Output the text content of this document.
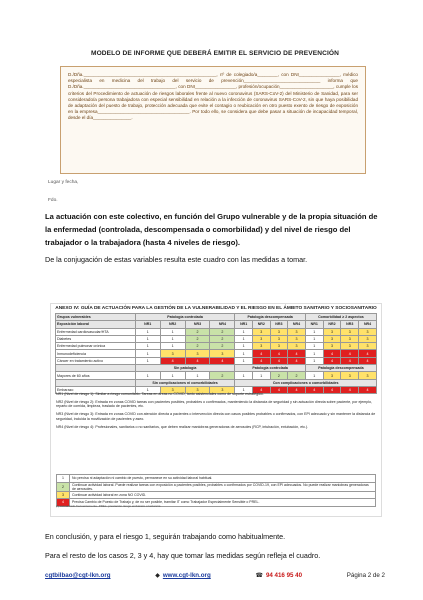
MODELO DE INFORME QUE DEBERÁ EMITIR EL SERVICIO DE PREVENCIÓN

D./Dña.____________________________________________________, nº de colegiado/a________, con DNI________________, médico especialista en medicina del trabajo del servicio de prevención______________________________ informa que D./Dña.____________________________________, con DNI________________, profesión/ocupación_____________________, cumple los criterios del Procedimiento de actuación de riesgos laborales frente al nuevo coronavirus (SARS-CoV-2) del Ministerio de Sanidad, para ser considerado/a persona trabajadora con especial sensibilidad en relación a la infección de coronavirus SARS-CoV-2, sin que haya posibilidad de adaptación del puesto de trabajo, protección adecuada que evite el contagio o reubicación en otro puesto exento de riesgo de exposición en la empresa____________________________________. Por todo ello, se considera que debe pasar a situación de incapacidad temporal, desde el día_______________.

Lugar y fecha,
Fdo.
La actuación con este colectivo, en función del Grupo vulnerable y de la propia situación de la enfermedad (controlada, descompensada o comorbilidad) y del nivel de riesgo del trabajador o la trabajadora (hasta 4 niveles de riesgo).
De la conjugación de estas variables resulta este cuadro con las medidas a tomar.
ANEXO IV: GUÍA DE ACTUACIÓN PARA LA GESTIÓN DE LA VULNERABILIDAD Y EL RIESGO EN EL ÁMBITO SANITARIO Y SOCIOSANITARIO
Grupos vulnerables	Patología controlada				Patología descompensada				Comorbilidad ≥ 2 aspectos			
Exposición laboral	NR1	NR2	NR3	NR4	NR1	NR2	NR3	NR4	NR1	NR2	NR3	NR4
Enfermedad cardiovascular/HTA	1	1	2	2	1	3	3	3	1	3	3	3
Diabetes	1	1	2	2	1	3	3	3	1	3	3	3
Enfermedad pulmonar crónica	1	1	2	2	1	3	3	3	1	3	3	3
Inmunodeficiencia	1	3	3	3	1	4	4	4	1	4	4	4
Cáncer en tratamiento activo	1	4	4	4	1	4	4	4	1	4	4	4
	Sin patología				Patología controlada				Patología descompensada			
Mayores de 60 años	1	1	1	2	1	1	2	2	1	3	3	3
	Sin complicaciones ni comorbilidades				Con complicaciones o comorbilidades							
Embarazo	1	3	3	3	1	4	4	4	4	4	4	4

NR1 (Nivel de riesgo 1): Similar a riesgo comunitario. Tareas en áreas no COVID, tanto asistenciales como de soporte estratégico.

NR2 (Nivel de riesgo 2): Entrada en zonas COVID tareas con pacientes posibles, probables o confirmados, manteniendo la distancia de seguridad y sin actuación directa sobre paciente, por ejemplo, reparto de comida, limpieza, traslado de pacientes, etc.

NR3 (Nivel de riesgo 3): Entrada en zonas COVID con atención directa a pacientes o intervención directa con casos posibles probables o confirmados, con EPI adecuado y sin mantener la distancia de seguridad, incluida la movilización de pacientes y aseo.

NR4 (Nivel de riesgo 4): Profesionales, sanitarios o no sanitarios, que deben realizar maniobras generadoras de aerosoles (RCP, intubación, extubación, etc.).

1	No precisa ni adaptación ni cambio de puesto, permanece en su actividad laboral habitual.
2	Continuar actividad laboral. Puede realizar tareas con exposición a pacientes posibles, probables o confirmados por COVID-19, con EPI adecuados. No puede realizar maniobras generadoras de aerosoles.
3	Continuar actividad laboral en zona NO COVID.
4	Precisa Cambio de Puesto de Trabajo y, de no ser posible, tramitar IT como Trabajador Especialmente Sensible o PREL.
(*) Actualizado frecuentemente. PREL: prestación riesgo embarazo o lactancia
En conclusión, y para el riesgo 1, seguirán trabajando como habitualmente.
Para el resto de los casos 2, 3 y 4, hay que tomar las medidas según refleja el cuadro.
cgtbilbao@cgt-lkn.org	◆ www.cgt-lkn.org	☎ 94 416 95 40	Página 2 de 2
